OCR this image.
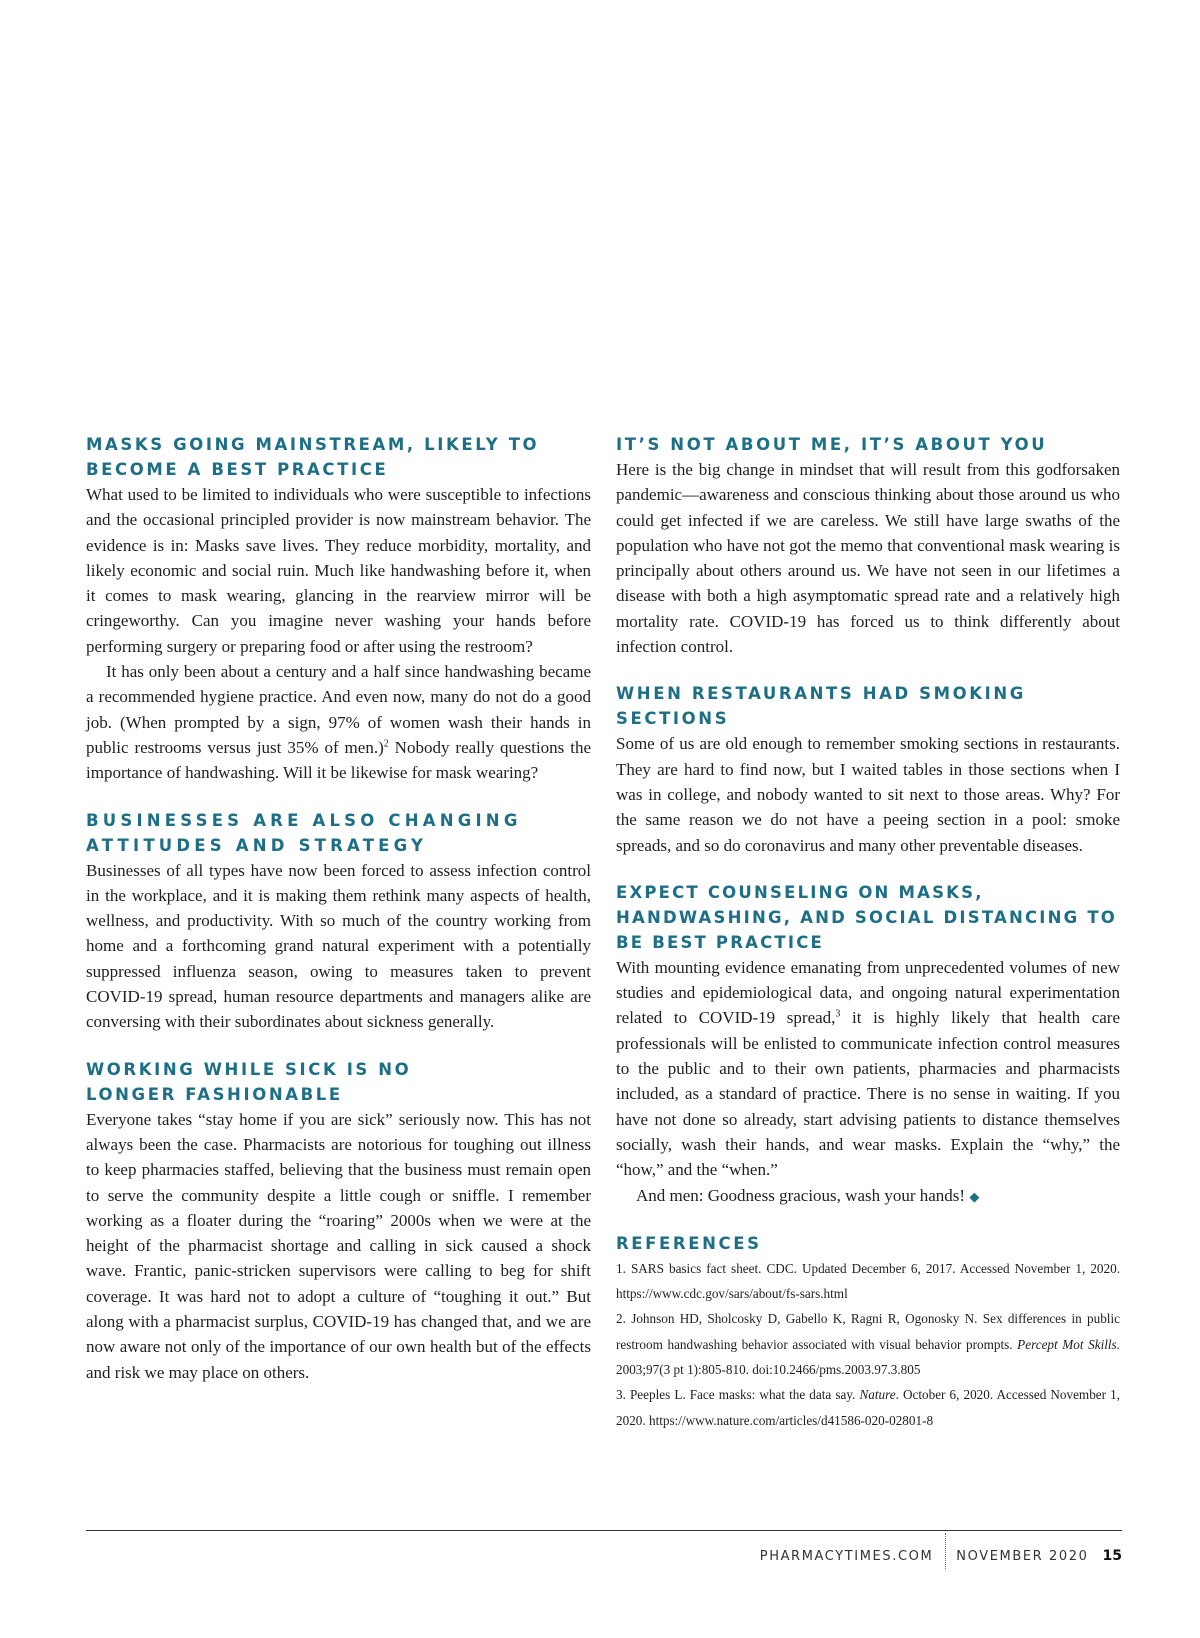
MASKS GOING MAINSTREAM, LIKELY TO BECOME A BEST PRACTICE

What used to be limited to individuals who were susceptible to infections and the occasional principled provider is now mainstream behavior. The evidence is in: Masks save lives. They reduce morbidity, mortality, and likely economic and social ruin. Much like handwashing before it, when it comes to mask wearing, glancing in the rearview mirror will be cringeworthy. Can you imagine never washing your hands before performing surgery or preparing food or after using the restroom?

It has only been about a century and a half since handwashing became a recommended hygiene practice. And even now, many do not do a good job. (When prompted by a sign, 97% of women wash their hands in public restrooms versus just 35% of men.)$^2$ Nobody really questions the importance of handwashing. Will it be likewise for mask wearing?

BUSINESSES ARE ALSO CHANGING ATTITUDES AND STRATEGY

Businesses of all types have now been forced to assess infection control in the workplace, and it is making them rethink many aspects of health, wellness, and productivity. With so much of the country working from home and a forthcoming grand natural experiment with a potentially suppressed influenza season, owing to measures taken to prevent COVID-19 spread, human resource departments and managers alike are conversing with their subordinates about sickness generally.

WORKING WHILE SICK IS NO LONGER FASHIONABLE

Everyone takes “stay home if you are sick” seriously now. This has not always been the case. Pharmacists are notorious for toughing out illness to keep pharmacies staffed, believing that the business must remain open to serve the community despite a little cough or sniffle. I remember working as a floater during the “roaring” 2000s when we were at the height of the pharmacist shortage and calling in sick caused a shock wave. Frantic, panic-stricken supervisors were calling to beg for shift coverage. It was hard not to adopt a culture of “toughing it out.” But along with a pharmacist surplus, COVID-19 has changed that, and we are now aware not only of the importance of our own health but of the effects and risk we may place on others.

IT’S NOT ABOUT ME, IT’S ABOUT YOU

Here is the big change in mindset that will result from this godforsaken pandemic—awareness and conscious thinking about those around us who could get infected if we are careless. We still have large swaths of the population who have not got the memo that conventional mask wearing is principally about others around us. We have not seen in our lifetimes a disease with both a high asymptomatic spread rate and a relatively high mortality rate. COVID-19 has forced us to think differently about infection control.

WHEN RESTAURANTS HAD SMOKING SECTIONS

Some of us are old enough to remember smoking sections in restaurants. They are hard to find now, but I waited tables in those sections when I was in college, and nobody wanted to sit next to those areas. Why? For the same reason we do not have a peeing section in a pool: smoke spreads, and so do coronavirus and many other preventable diseases.

EXPECT COUNSELING ON MASKS, HANDWASHING, AND SOCIAL DISTANCING TO BE BEST PRACTICE

With mounting evidence emanating from unprecedented volumes of new studies and epidemiological data, and ongoing natural experimentation related to COVID-19 spread,$^3$ it is highly likely that health care professionals will be enlisted to communicate infection control measures to the public and to their own patients, pharmacies and pharmacists included, as a standard of practice. There is no sense in waiting. If you have not done so already, start advising patients to distance themselves socially, wash their hands, and wear masks. Explain the “why,” the “how,” and the “when.”

And men: Goodness gracious, wash your hands! ◆

REFERENCES

1. SARS basics fact sheet. CDC. Updated December 6, 2017. Accessed November 1, 2020. https://www.cdc.gov/sars/about/fs-sars.html

2. Johnson HD, Sholcosky D, Gabello K, Ragni R, Ogonosky N. Sex differences in public restroom handwashing behavior associated with visual behavior prompts. Percept Mot Skills. 2003;97(3 pt 1):805-810. doi:10.2466/pms.2003.97.3.805

3. Peeples L. Face masks: what the data say. Nature. October 6, 2020. Accessed November 1, 2020. https://www.nature.com/articles/d41586-020-02801-8

PHARMACYTIMES.COM NOVEMBER 2020 15
